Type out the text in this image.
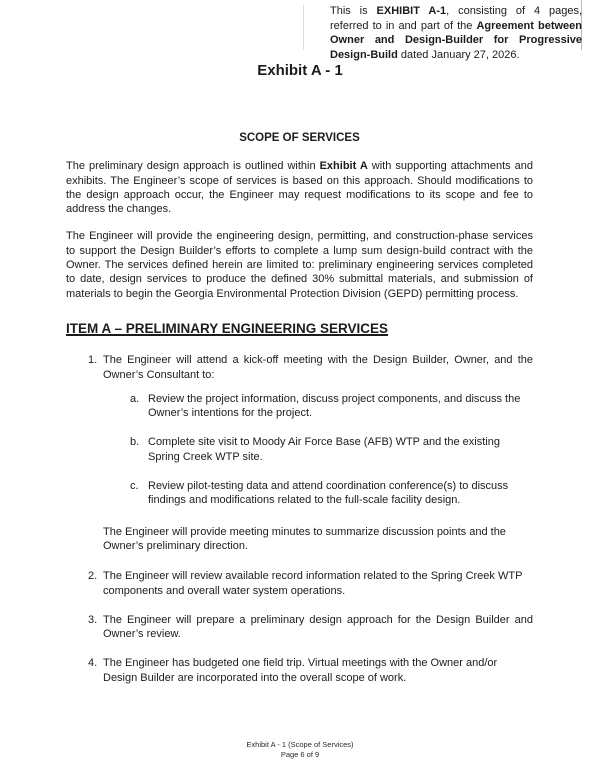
This is EXHIBIT A-1, consisting of 4 pages, referred to in and part of the Agreement between Owner and Design-Builder for Progressive Design-Build dated January 27, 2026.
Exhibit A - 1
SCOPE OF SERVICES

The preliminary design approach is outlined within Exhibit A with supporting attachments and exhibits. The Engineer’s scope of services is based on this approach. Should modifications to the design approach occur, the Engineer may request modifications to its scope and fee to address the changes.

The Engineer will provide the engineering design, permitting, and construction-phase services to support the Design Builder’s efforts to complete a lump sum design-build contract with the Owner. The services defined herein are limited to: preliminary engineering services completed to date, design services to produce the defined 30% submittal materials, and submission of materials to begin the Georgia Environmental Protection Division (GEPD) permitting process.

ITEM A – PRELIMINARY ENGINEERING SERVICES
1. The Engineer will attend a kick-off meeting with the Design Builder, Owner, and the Owner’s Consultant to:
a. Review the project information, discuss project components, and discuss the Owner’s intentions for the project.
b. Complete site visit to Moody Air Force Base (AFB) WTP and the existing Spring Creek WTP site.
c. Review pilot-testing data and attend coordination conference(s) to discuss findings and modifications related to the full-scale facility design.

The Engineer will provide meeting minutes to summarize discussion points and the Owner’s preliminary direction.

2. The Engineer will review available record information related to the Spring Creek WTP components and overall water system operations.
3. The Engineer will prepare a preliminary design approach for the Design Builder and Owner’s review.
4. The Engineer has budgeted one field trip. Virtual meetings with the Owner and/or Design Builder are incorporated into the overall scope of work.
Exhibit A - 1 (Scope of Services)
Page 6 of 9
